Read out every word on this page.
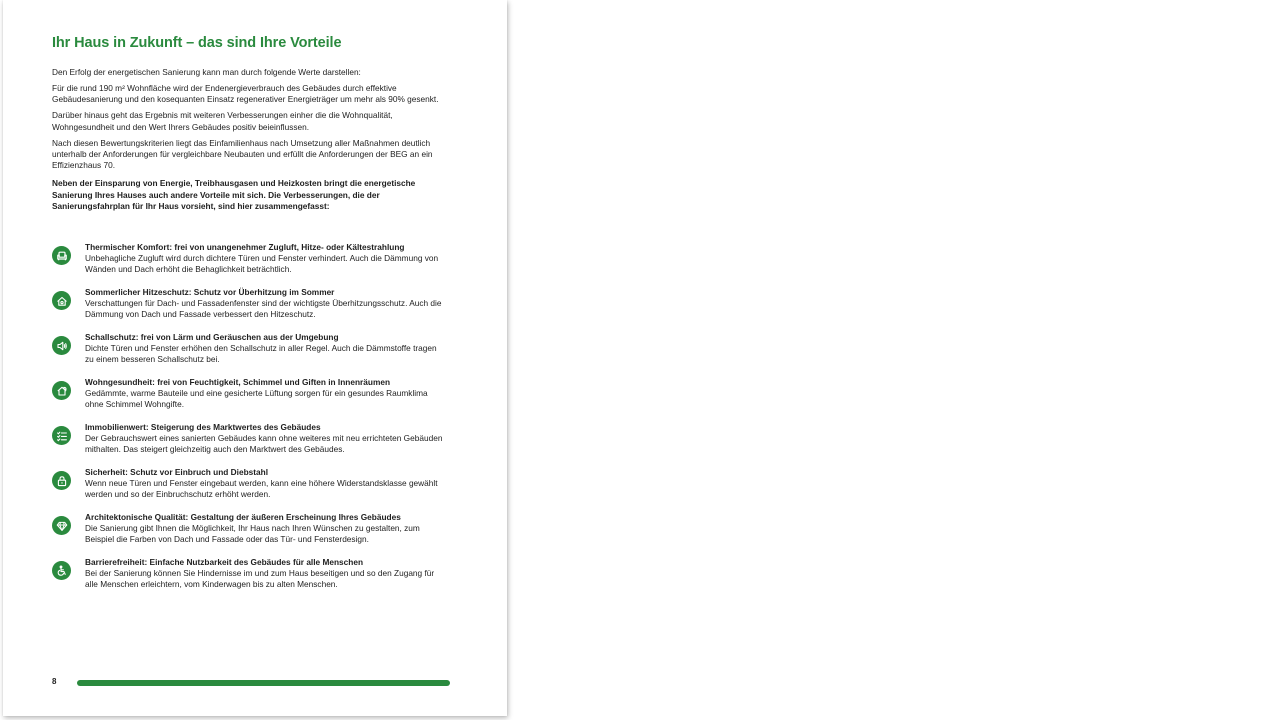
Ihr Haus in Zukunft – das sind Ihre Vorteile

Den Erfolg der energetischen Sanierung kann man durch folgende Werte darstellen:

Für die rund 190 m² Wohnfläche wird der Endenergieverbrauch des Gebäudes durch effektive Gebäudesanierung und den kosequanten Einsatz regenerativer Energieträger um mehr als 90% gesenkt.

Darüber hinaus geht das Ergebnis mit weiteren Verbesserungen einher die die Wohnqualität, Wohngesundheit und den Wert Ihrers Gebäudes positiv beieinflussen.

Nach diesen Bewertungskriterien liegt das Einfamilienhaus nach Umsetzung aller Maßnahmen deutlich unterhalb der Anforderungen für vergleichbare Neubauten und erfüllt die Anforderungen der BEG an ein Effizienzhaus 70.

Neben der Einsparung von Energie, Treibhausgasen und Heizkosten bringt die energetische Sanierung Ihres Hauses auch andere Vorteile mit sich. Die Verbesserungen, die der Sanierungsfahrplan für Ihr Haus vorsieht, sind hier zusammengefasst:

Thermischer Komfort: frei von unangenehmer Zugluft, Hitze- oder Kältestrahlung
Unbehagliche Zugluft wird durch dichtere Türen und Fenster verhindert. Auch die Dämmung von Wänden und Dach erhöht die Behaglichkeit beträchtlich.
Sommerlicher Hitzeschutz: Schutz vor Überhitzung im Sommer
Verschattungen für Dach- und Fassadenfenster sind der wichtigste Überhitzungsschutz. Auch die Dämmung von Dach und Fassade verbessert den Hitzeschutz.
Schallschutz: frei von Lärm und Geräuschen aus der Umgebung
Dichte Türen und Fenster erhöhen den Schallschutz in aller Regel. Auch die Dämmstoffe tragen zu einem besseren Schallschutz bei.
Wohngesundheit: frei von Feuchtigkeit, Schimmel und Giften in Innenräumen
Gedämmte, warme Bauteile und eine gesicherte Lüftung sorgen für ein gesundes Raumklima ohne Schimmel Wohngifte.
Immobilienwert: Steigerung des Marktwertes des Gebäudes
Der Gebrauchswert eines sanierten Gebäudes kann ohne weiteres mit neu errichteten Gebäuden mithalten. Das steigert gleichzeitig auch den Marktwert des Gebäudes.
Sicherheit: Schutz vor Einbruch und Diebstahl
Wenn neue Türen und Fenster eingebaut werden, kann eine höhere Widerstandsklasse gewählt werden und so der Einbruchschutz erhöht werden.
Architektonische Qualität: Gestaltung der äußeren Erscheinung Ihres Gebäudes
Die Sanierung gibt Ihnen die Möglichkeit, Ihr Haus nach Ihren Wünschen zu gestalten, zum Beispiel die Farben von Dach und Fassade oder das Tür- und Fensterdesign.
Barrierefreiheit: Einfache Nutzbarkeit des Gebäudes für alle Menschen
Bei der Sanierung können Sie Hindernisse im und zum Haus beseitigen und so den Zugang für alle Menschen erleichtern, vom Kinderwagen bis zu alten Menschen.
8
